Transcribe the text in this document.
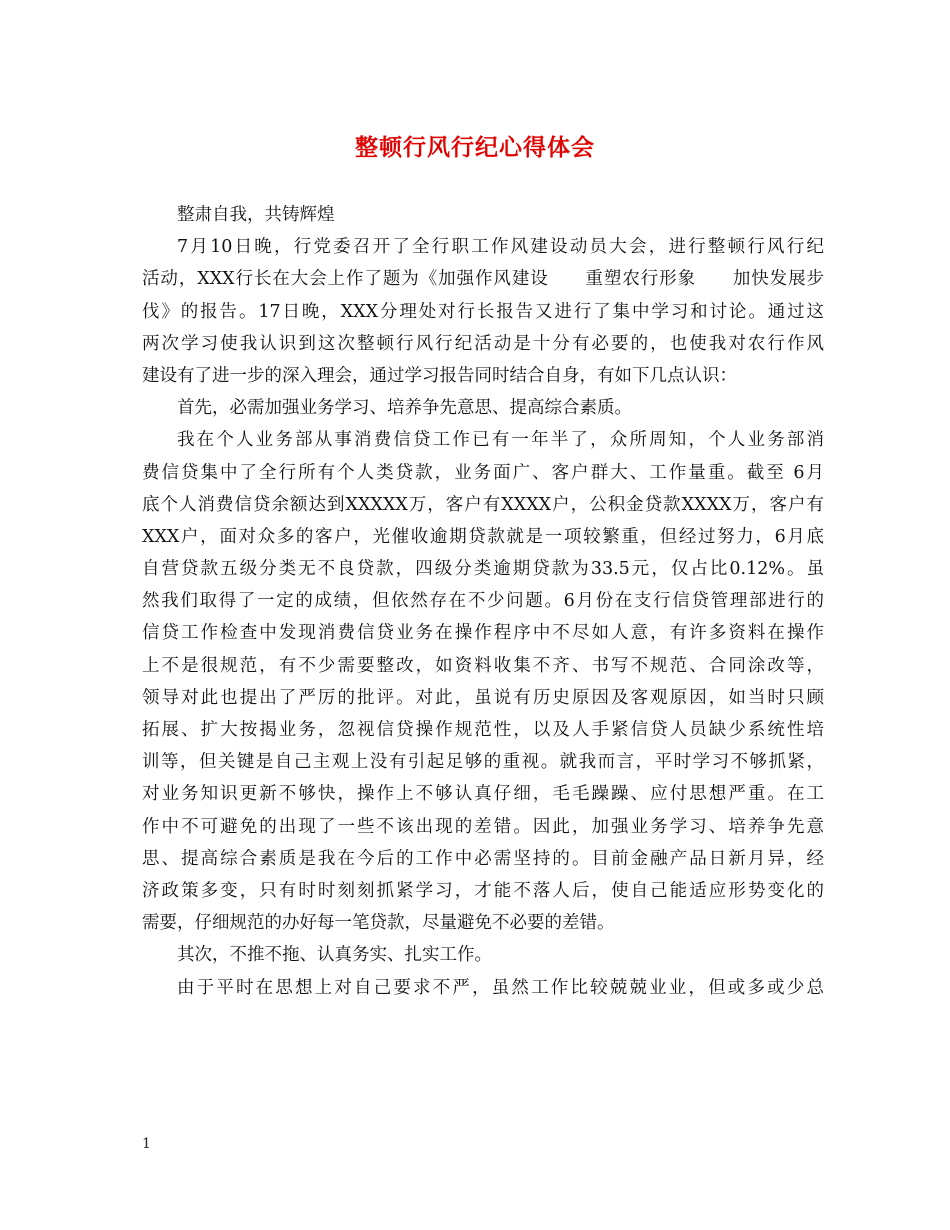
整顿行风行纪心得体会
整肃自我，共铸辉煌
7月10日晚，行党委召开了全行职工作风建设动员大会，进行整顿行风行纪
活动，XXX行长在大会上作了题为《加强作风建设　　重塑农行形象　　加快发展步
伐》的报告。17日晚，XXX分理处对行长报告又进行了集中学习和讨论。通过这
两次学习使我认识到这次整顿行风行纪活动是十分有必要的，也使我对农行作风
建设有了进一步的深入理会，通过学习报告同时结合自身，有如下几点认识：
首先，必需加强业务学习、培养争先意思、提高综合素质。
我在个人业务部从事消费信贷工作已有一年半了，众所周知，个人业务部消
费信贷集中了全行所有个人类贷款，业务面广、客户群大、工作量重。截至 6月
底个人消费信贷余额达到XXXXX万，客户有XXXX户，公积金贷款XXXX万，客户有
XXX户，面对众多的客户，光催收逾期贷款就是一项较繁重，但经过努力，6月底
自营贷款五级分类无不良贷款，四级分类逾期贷款为33.5元，仅占比0.12%。虽
然我们取得了一定的成绩，但依然存在不少问题。6月份在支行信贷管理部进行的
信贷工作检查中发现消费信贷业务在操作程序中不尽如人意，有许多资料在操作
上不是很规范，有不少需要整改，如资料收集不齐、书写不规范、合同涂改等，
领导对此也提出了严厉的批评。对此，虽说有历史原因及客观原因，如当时只顾
拓展、扩大按揭业务，忽视信贷操作规范性，以及人手紧信贷人员缺少系统性培
训等，但关键是自己主观上没有引起足够的重视。就我而言，平时学习不够抓紧，
对业务知识更新不够快，操作上不够认真仔细，毛毛躁躁、应付思想严重。在工
作中不可避免的出现了一些不该出现的差错。因此，加强业务学习、培养争先意
思、提高综合素质是我在今后的工作中必需坚持的。目前金融产品日新月异，经
济政策多变，只有时时刻刻抓紧学习，才能不落人后，使自己能适应形势变化的
需要，仔细规范的办好每一笔贷款，尽量避免不必要的差错。
其次，不推不拖、认真务实、扎实工作。
由于平时在思想上对自己要求不严，虽然工作比较兢兢业业，但或多或少总
1
